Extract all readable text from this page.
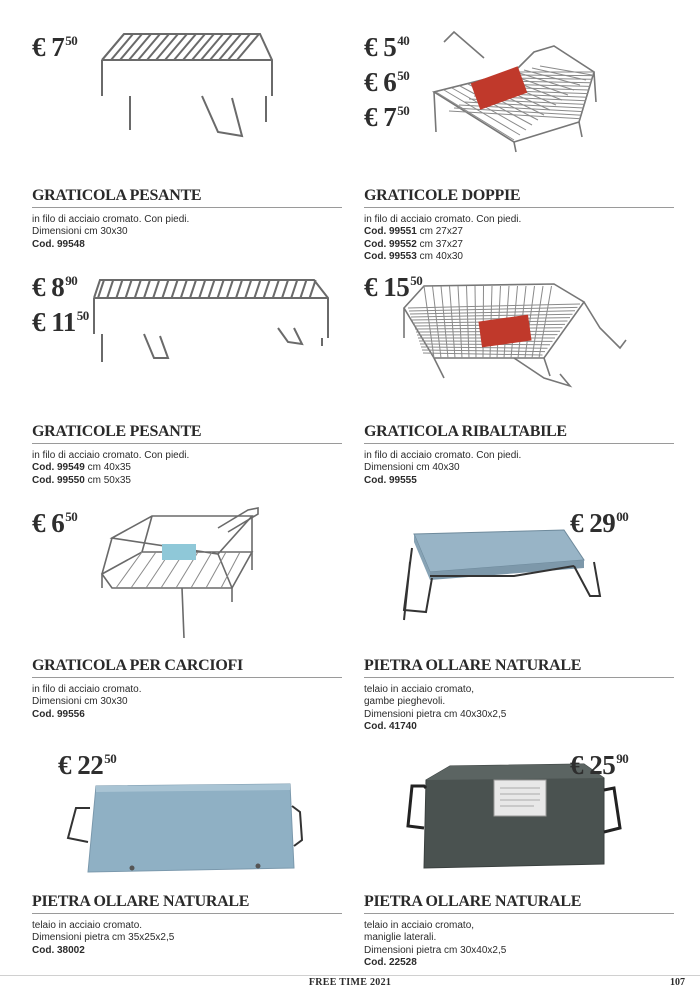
€ $7^{50}$
GRATICOLA PESANTE
in filo di acciaio cromato. Con piedi.
Dimensioni cm 30x30
Cod. 99548
€ $5^{40}$
€ $6^{50}$
€ $7^{50}$
GRATICOLE DOPPIE
in filo di acciaio cromato. Con piedi.
Cod. 99551 cm 27x27
Cod. 99552 cm 37x27
Cod. 99553 cm 40x30
€ $8^{90}$
€ $11^{50}$
GRATICOLE PESANTE
in filo di acciaio cromato. Con piedi.
Cod. 99549 cm 40x35
Cod. 99550 cm 50x35
€ $15^{50}$
GRATICOLA RIBALTABILE
in filo di acciaio cromato. Con piedi.
Dimensioni cm 40x30
Cod. 99555
€ $6^{50}$
GRATICOLA PER CARCIOFI
in filo di acciaio cromato.
Dimensioni cm 30x30
Cod. 99556
€ $29^{00}$
PIETRA OLLARE NATURALE
telaio in acciaio cromato,
gambe pieghevoli.
Dimensioni pietra cm 40x30x2,5
Cod. 41740
€ $22^{50}$
PIETRA OLLARE NATURALE
telaio in acciaio cromato.
Dimensioni pietra cm 35x25x2,5
Cod. 38002
€ $25^{90}$
PIETRA OLLARE NATURALE
telaio in acciaio cromato,
maniglie laterali.
Dimensioni pietra cm 30x40x2,5
Cod. 22528
FREE TIME 2021	107
